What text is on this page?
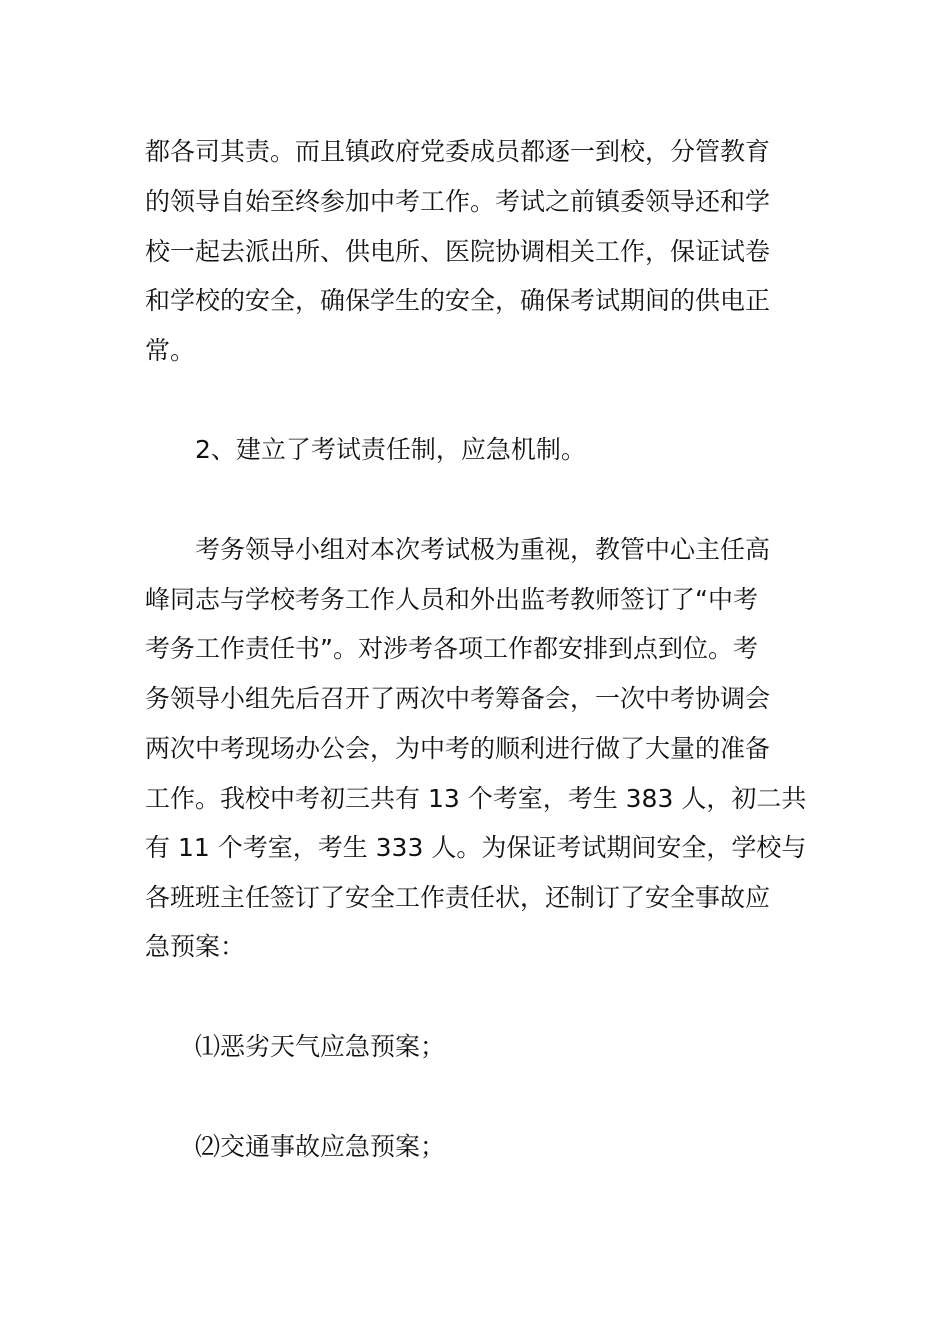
都各司其责。而且镇政府党委成员都逐一到校，分管教育
的领导自始至终参加中考工作。考试之前镇委领导还和学
校一起去派出所、供电所、医院协调相关工作，保证试卷
和学校的安全，确保学生的安全，确保考试期间的供电正
常。
2、建立了考试责任制，应急机制。
考务领导小组对本次考试极为重视，教管中心主任高
峰同志与学校考务工作人员和外出监考教师签订了“中考
考务工作责任书”。对涉考各项工作都安排到点到位。考
务领导小组先后召开了两次中考筹备会，一次中考协调会
两次中考现场办公会，为中考的顺利进行做了大量的准备
工作。我校中考初三共有 13 个考室，考生 383 人，初二共
有 11 个考室，考生 333 人。为保证考试期间安全，学校与
各班班主任签订了安全工作责任状，还制订了安全事故应
急预案：
⑴恶劣天气应急预案；
⑵交通事故应急预案；
